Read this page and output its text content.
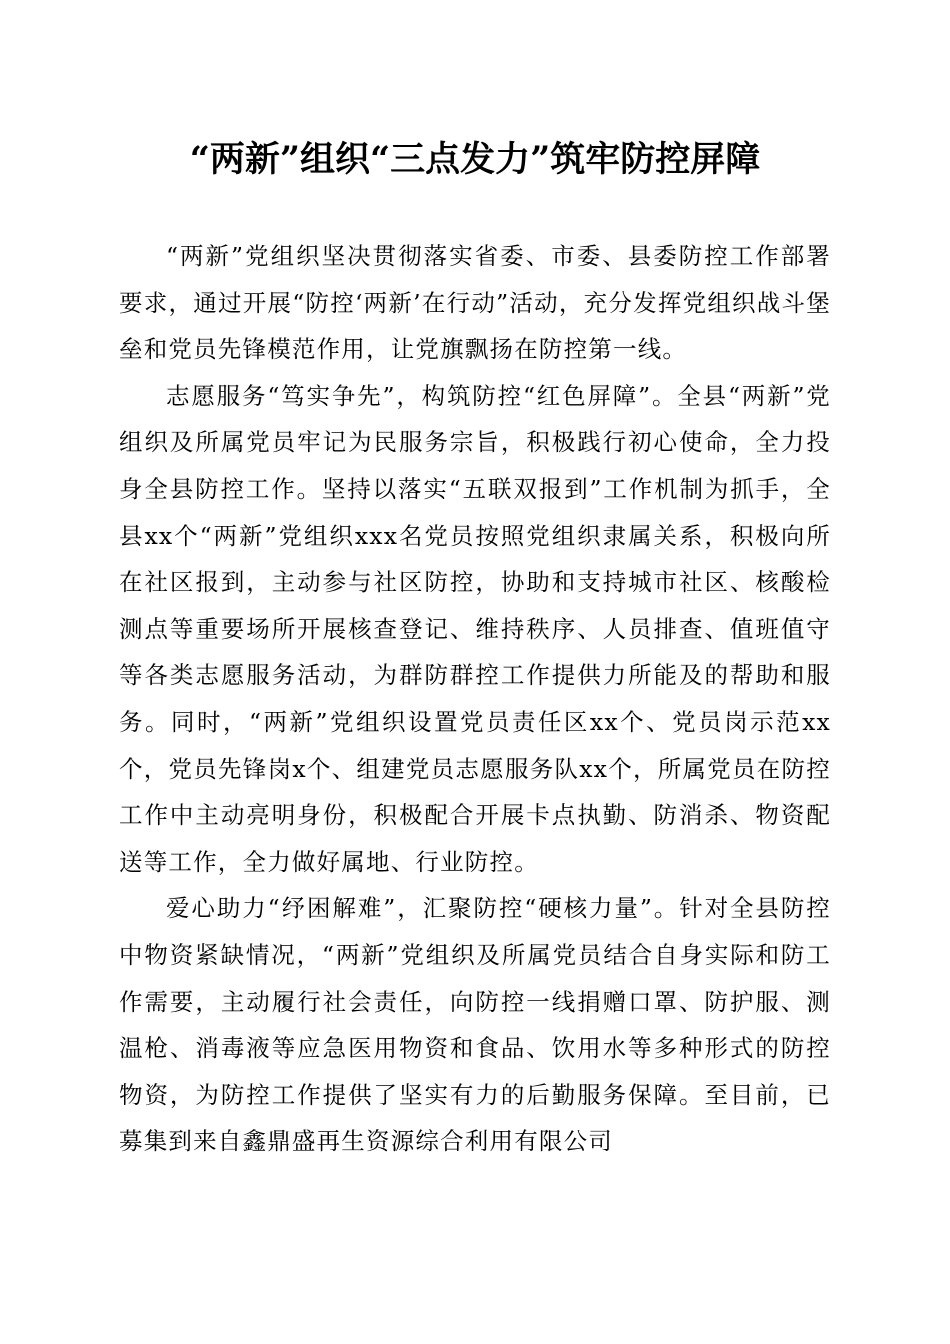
“两新”组织“三点发力”筑牢防控屏障

“两新”党组织坚决贯彻落实省委、市委、县委防控工作部署要求，通过开展“防控‘两新’在行动”活动，充分发挥党组织战斗堡垒和党员先锋模范作用，让党旗飘扬在防控第一线。

志愿服务“笃实争先”，构筑防控“红色屏障”。全县“两新”党组织及所属党员牢记为民服务宗旨，积极践行初心使命，全力投身全县防控工作。坚持以落实“五联双报到”工作机制为抓手，全县xx个“两新”党组织xxx名党员按照党组织隶属关系，积极向所在社区报到，主动参与社区防控，协助和支持城市社区、核酸检测点等重要场所开展核查登记、维持秩序、人员排查、值班值守等各类志愿服务活动，为群防群控工作提供力所能及的帮助和服务。同时，“两新”党组织设置党员责任区xx个、党员岗示范xx个，党员先锋岗x个、组建党员志愿服务队xx个，所属党员在防控工作中主动亮明身份，积极配合开展卡点执勤、防消杀、物资配送等工作，全力做好属地、行业防控。

爱心助力“纾困解难”，汇聚防控“硬核力量”。针对全县防控中物资紧缺情况，“两新”党组织及所属党员结合自身实际和防工作需要，主动履行社会责任，向防控一线捐赠口罩、防护服、测温枪、消毒液等应急医用物资和食品、饮用水等多种形式的防控物资，为防控工作提供了坚实有力的后勤服务保障。至目前，已募集到来自鑫鼎盛再生资源综合利用有限公司
